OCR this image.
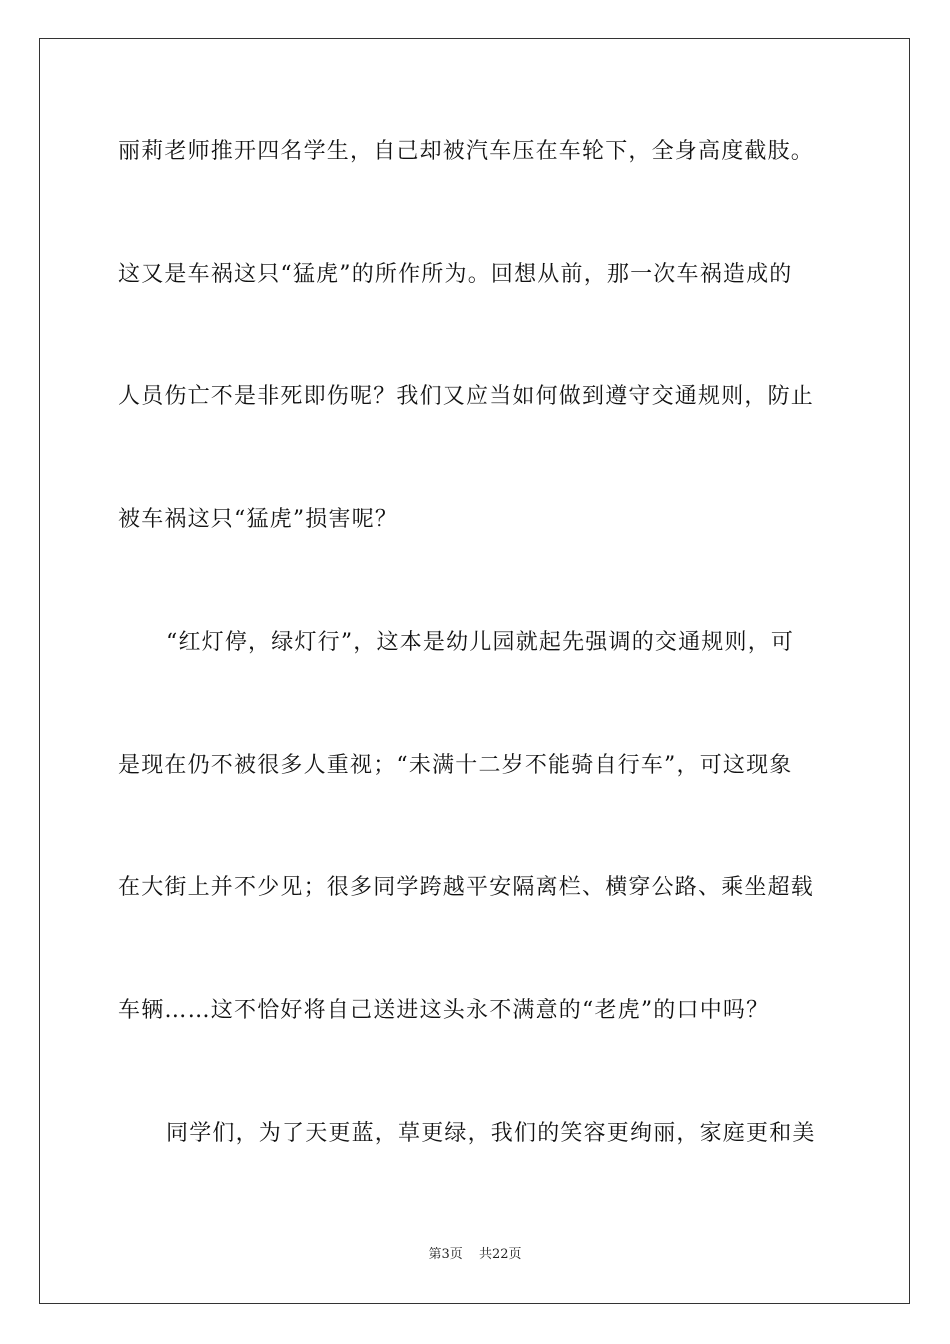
丽莉老师推开四名学生，自己却被汽车压在车轮下，全身高度截肢。
这又是车祸这只“猛虎”的所作所为。回想从前，那一次车祸造成的
人员伤亡不是非死即伤呢？我们又应当如何做到遵守交通规则，防止
被车祸这只“猛虎”损害呢？
“红灯停，绿灯行”，这本是幼儿园就起先强调的交通规则，可
是现在仍不被很多人重视；“未满十二岁不能骑自行车”，可这现象
在大街上并不少见；很多同学跨越平安隔离栏、横穿公路、乘坐超载
车辆……这不恰好将自己送进这头永不满意的“老虎”的口中吗？
同学们，为了天更蓝，草更绿，我们的笑容更绚丽，家庭更和美
第3页 共22页
